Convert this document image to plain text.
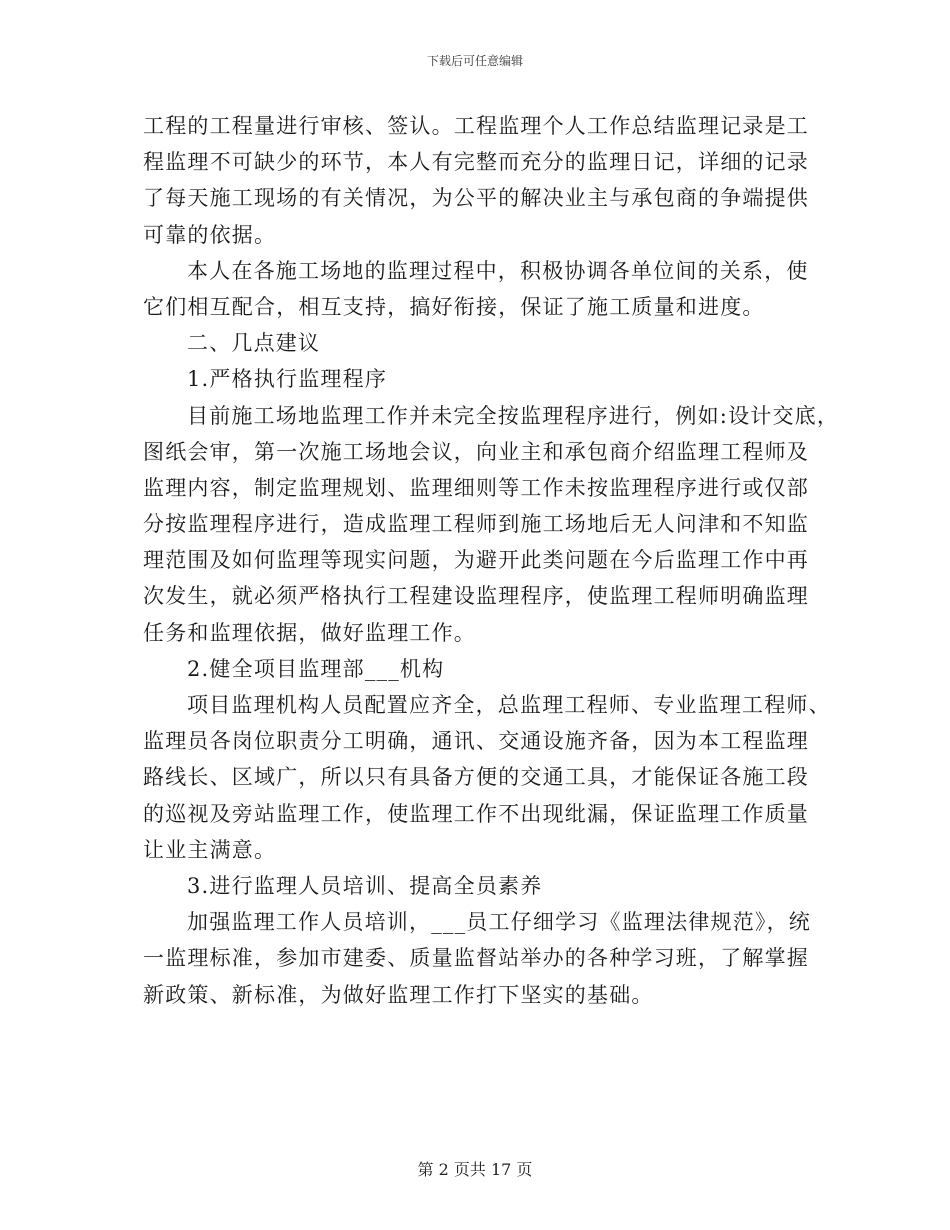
下载后可任意编辑
工程的工程量进行审核、签认。工程监理个人工作总结监理记录是工
程监理不可缺少的环节，本人有完整而充分的监理日记，详细的记录
了每天施工现场的有关情况，为公平的解决业主与承包商的争端提供
可靠的依据。
本人在各施工场地的监理过程中，积极协调各单位间的关系，使
它们相互配合，相互支持，搞好衔接，保证了施工质量和进度。
二、几点建议
1.严格执行监理程序
目前施工场地监理工作并未完全按监理程序进行，例如:设计交底，
图纸会审，第一次施工场地会议，向业主和承包商介绍监理工程师及
监理内容，制定监理规划、监理细则等工作未按监理程序进行或仅部
分按监理程序进行，造成监理工程师到施工场地后无人问津和不知监
理范围及如何监理等现实问题，为避开此类问题在今后监理工作中再
次发生，就必须严格执行工程建设监理程序，使监理工程师明确监理
任务和监理依据，做好监理工作。
2.健全项目监理部___机构
项目监理机构人员配置应齐全，总监理工程师、专业监理工程师、
监理员各岗位职责分工明确，通讯、交通设施齐备，因为本工程监理
路线长、区域广，所以只有具备方便的交通工具，才能保证各施工段
的巡视及旁站监理工作，使监理工作不出现纰漏，保证监理工作质量
让业主满意。
3.进行监理人员培训、提高全员素养
加强监理工作人员培训，___员工仔细学习《监理法律规范》，统
一监理标准，参加市建委、质量监督站举办的各种学习班，了解掌握
新政策、新标准，为做好监理工作打下坚实的基础。
第 2 页共 17 页
